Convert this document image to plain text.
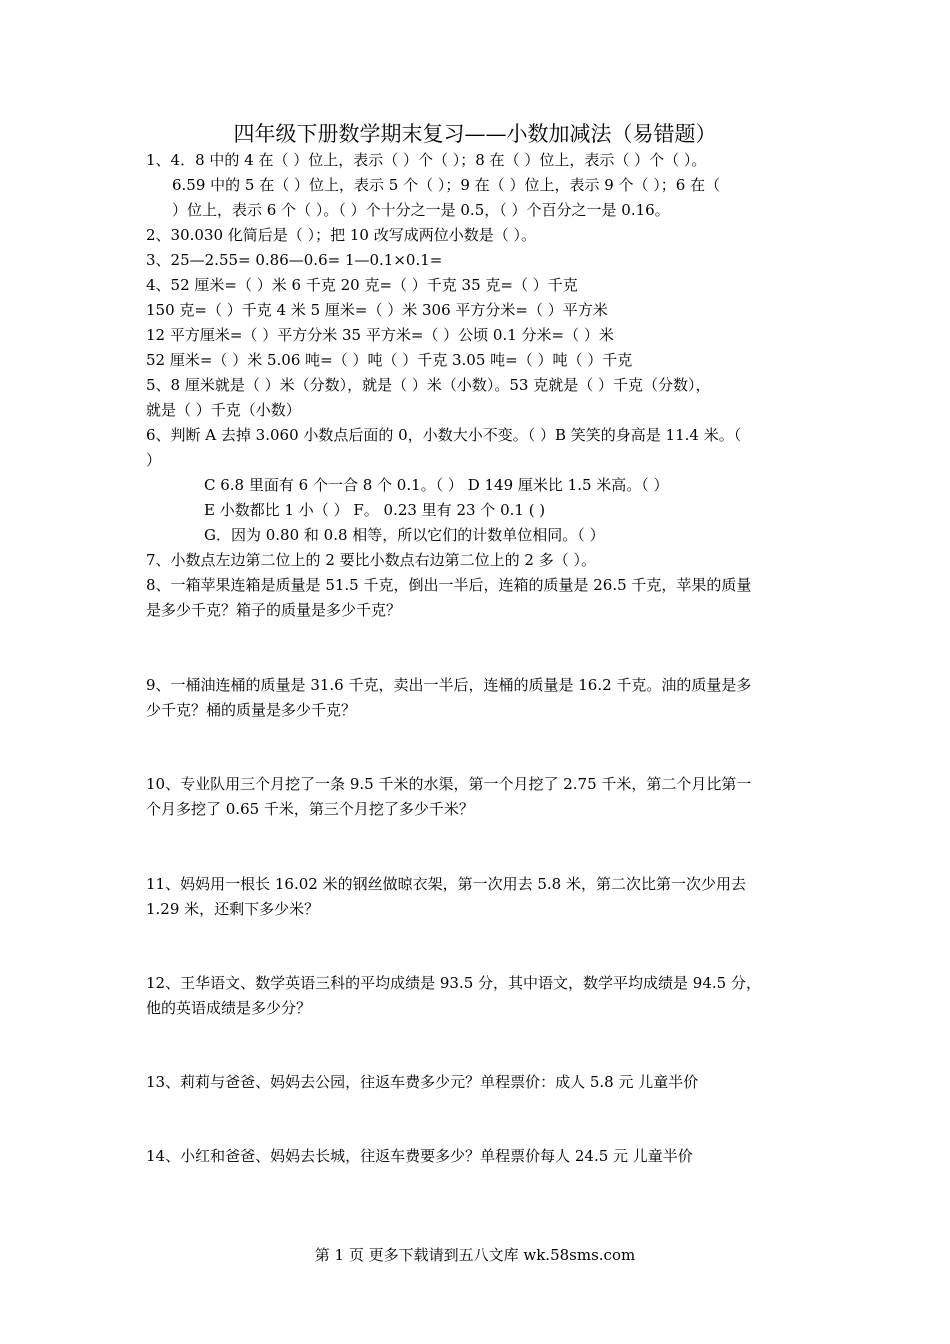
四年级下册数学期末复习——小数加减法（易错题）
1、4．8 中的 4 在（ ）位上，表示（ ）个（ ）；8 在（ ）位上，表示（ ）个（ ）。
6.59 中的 5 在（ ）位上，表示 5 个（ ）；9 在（ ）位上，表示 9 个（ ）；6 在（
）位上，表示 6 个（ ）。（ ）个十分之一是 0.5，（ ）个百分之一是 0.16。
2、30.030 化简后是（ ）；把 10 改写成两位小数是（ ）。
3、25—2.55= 0.86—0.6= 1—0.1×0.1=
4、52 厘米=（ ）米 6 千克 20 克=（ ）千克 35 克=（ ）千克
150 克=（ ）千克 4 米 5 厘米=（ ）米 306 平方分米=（ ）平方米
12 平方厘米=（ ）平方分米 35 平方米=（ ）公顷 0.1 分米=（ ）米
52 厘米=（ ）米 5.06 吨=（ ）吨（ ）千克 3.05 吨=（ ）吨（ ）千克
5、8 厘米就是（ ）米（分数），就是（ ）米（小数）。53 克就是（ ）千克（分数），
就是（ ）千克（小数）
6、判断 A 去掉 3.060 小数点后面的 0，小数大小不变。（ ）B 笑笑的身高是 11.4 米。（
）
C 6.8 里面有 6 个一合 8 个 0.1。（ ） D 149 厘米比 1.5 米高。（ ）
E 小数都比 1 小（ ） F。 0.23 里有 23 个 0.1 ( )
G．因为 0.80 和 0.8 相等，所以它们的计数单位相同。（ ）
7、小数点左边第二位上的 2 要比小数点右边第二位上的 2 多（ ）。
8、一箱苹果连箱是质量是 51.5 千克，倒出一半后，连箱的质量是 26.5 千克，苹果的质量
是多少千克？箱子的质量是多少千克？
9、一桶油连桶的质量是 31.6 千克，卖出一半后，连桶的质量是 16.2 千克。油的质量是多
少千克？桶的质量是多少千克？
10、专业队用三个月挖了一条 9.5 千米的水渠，第一个月挖了 2.75 千米，第二个月比第一
个月多挖了 0.65 千米，第三个月挖了多少千米？
11、妈妈用一根长 16.02 米的钢丝做晾衣架，第一次用去 5.8 米，第二次比第一次少用去
1.29 米，还剩下多少米？
12、王华语文、数学英语三科的平均成绩是 93.5 分，其中语文，数学平均成绩是 94.5 分，
他的英语成绩是多少分？
13、莉莉与爸爸、妈妈去公园，往返车费多少元？单程票价：成人 5.8 元 儿童半价
14、小红和爸爸、妈妈去长城，往返车费要多少？单程票价每人 24.5 元 儿童半价
第 1 页 更多下载请到五八文库 wk.58sms.com
